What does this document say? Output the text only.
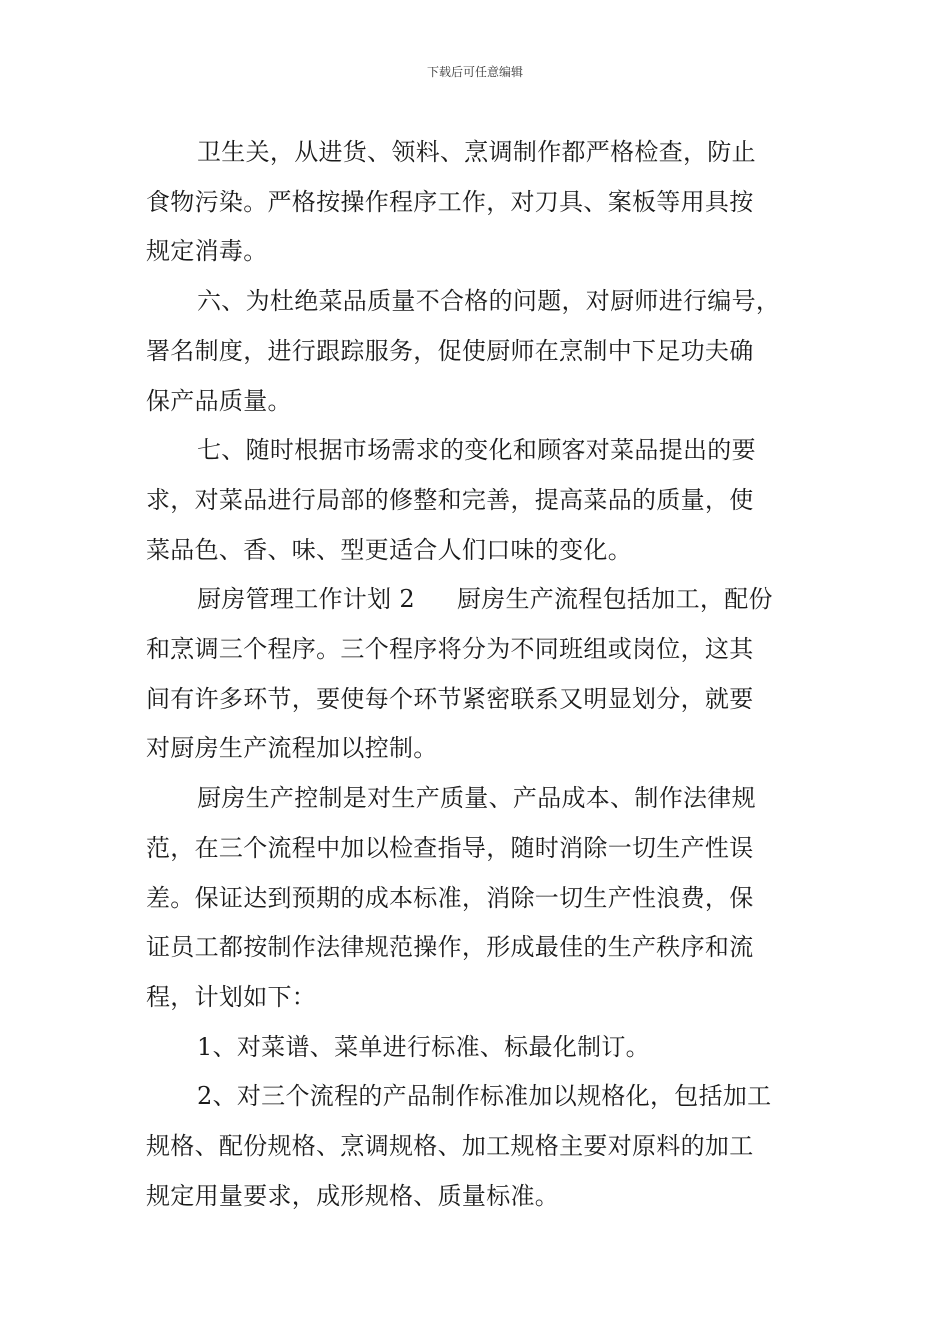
下载后可任意编辑

卫生关，从进货、领料、烹调制作都严格检查，防止
食物污染。严格按操作程序工作，对刀具、案板等用具按
规定消毒。

六、为杜绝菜品质量不合格的问题，对厨师进行编号，
署名制度，进行跟踪服务，促使厨师在烹制中下足功夫确
保产品质量。

七、随时根据市场需求的变化和顾客对菜品提出的要
求，对菜品进行局部的修整和完善，提高菜品的质量，使
菜品色、香、味、型更适合人们口味的变化。

厨房管理工作计划 2 厨房生产流程包括加工，配份
和烹调三个程序。三个程序将分为不同班组或岗位，这其
间有许多环节，要使每个环节紧密联系又明显划分，就要
对厨房生产流程加以控制。

厨房生产控制是对生产质量、产品成本、制作法律规
范，在三个流程中加以检查指导，随时消除一切生产性误
差。保证达到预期的成本标准，消除一切生产性浪费，保
证员工都按制作法律规范操作，形成最佳的生产秩序和流
程，计划如下：

1、对菜谱、菜单进行标准、标最化制订。

2、对三个流程的产品制作标准加以规格化，包括加工
规格、配份规格、烹调规格、加工规格主要对原料的加工
规定用量要求，成形规格、质量标准。
